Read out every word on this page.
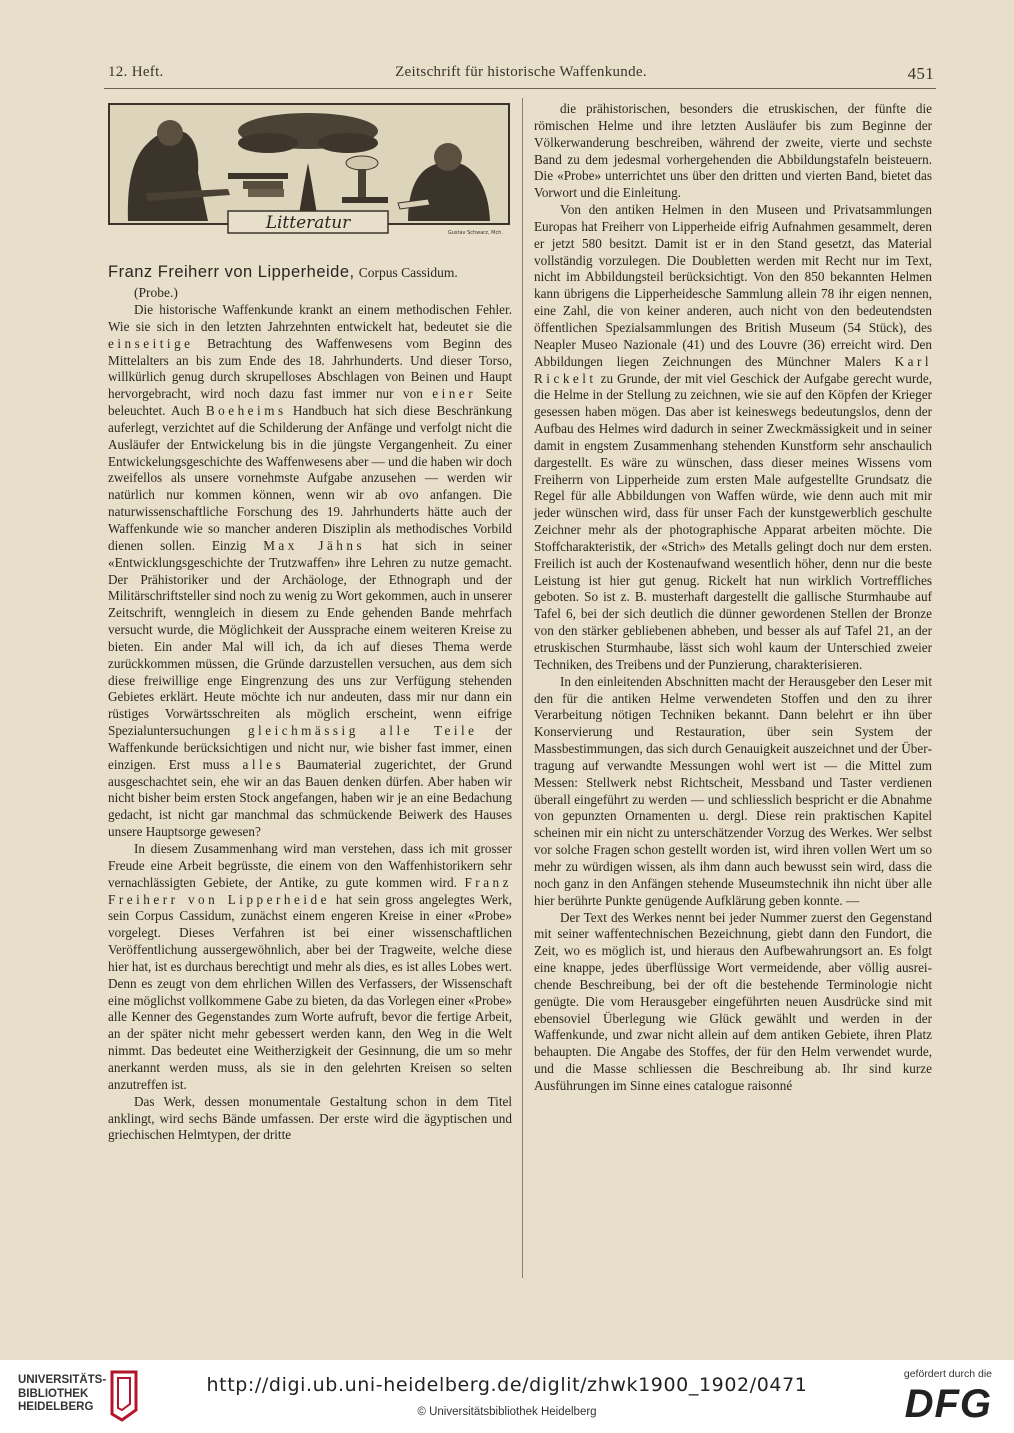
12. Heft.	Zeitschrift für historische Waffenkunde.	451
Litteratur	Gustav Schwarz, Mch.

Franz Freiherr von Lipperheide, Corpus Cassidum.
(Probe.)

Die historische Waffenkunde krankt an einem methodischen Fehler. Wie sie sich in den letzten Jahrzehnten entwickelt hat, bedeutet sie die einseitige Betrachtung des Waffenwesens vom Beginn des Mittelalters an bis zum Ende des 18. Jahrhunderts. Und dieser Torso, willkürlich genug durch skrupelloses Abschlagen von Beinen und Haupt hervorgebracht, wird noch dazu fast immer nur von einer Seite beleuchtet. Auch Boeheims Handbuch hat sich diese Beschränkung auferlegt, verzichtet auf die Schilderung der Anfänge und verfolgt nicht die Ausläufer der Entwickelung bis in die jüngste Vergangenheit. Zu einer Entwickelungsgeschichte des Waffenwesens aber — und die haben wir doch zweifellos als unsere vornehmste Aufgabe anzusehen — werden wir natürlich nur kommen können, wenn wir ab ovo anfangen. Die naturwissenschaftliche Forschung des 19. Jahrhunderts hätte auch der Waffenkunde wie so mancher anderen Disziplin als methodisches Vorbild dienen sollen. Einzig Max Jähns hat sich in seiner «Entwicklungsgeschichte der Trutzwaffen» ihre Lehren zu nutze gemacht. Der Prähistoriker und der Archäologe, der Ethnograph und der Militärschriftsteller sind noch zu wenig zu Wort gekommen, auch in unserer Zeitschrift, wenngleich in diesem zu Ende gehenden Bande mehrfach versucht wurde, die Möglichkeit der Aussprache einem weiteren Kreise zu bieten. Ein ander Mal will ich, da ich auf dieses Thema werde zurückkommen müssen, die Gründe darzustellen versuchen, aus dem sich diese freiwillige enge Eingrenzung des uns zur Verfügung stehenden Gebietes erklärt. Heute möchte ich nur andeuten, dass mir nur dann ein rüstiges Vorwärtsschreiten als möglich erscheint, wenn eifrige Spezialuntersuchungen gleichmässig alle Teile der Waffenkunde berücksichtigen und nicht nur, wie bisher fast immer, einen einzigen. Erst muss alles Baumaterial zugerichtet, der Grund ausgeschachtet sein, ehe wir an das Bauen denken dürfen. Aber haben wir nicht bisher beim ersten Stock angefangen, haben wir je an eine Bedachung gedacht, ist nicht gar manchmal das schmückende Beiwerk des Hauses unsere Hauptsorge gewesen?

In diesem Zusammenhang wird man verstehen, dass ich mit grosser Freude eine Arbeit begrüsste, die einem von den Waffenhistorikern sehr vernachlässigten Gebiete, der Antike, zu gute kommen wird. Franz Freiherr von Lipperheide hat sein gross angelegtes Werk, sein Corpus Cassidum, zunächst einem engeren Kreise in einer «Probe» vorgelegt. Dieses Verfahren ist bei einer wissenschaftlichen Veröffentlichung aussergewöhnlich, aber bei der Tragweite, welche diese hier hat, ist es durchaus berechtigt und mehr als dies, es ist alles Lobes wert. Denn es zeugt von dem ehrlichen Willen des Verfassers, der Wissenschaft eine möglichst vollkommene Gabe zu bieten, da das Vorlegen einer «Probe» alle Kenner des Gegenstandes zum Worte aufruft, bevor die fertige Arbeit, an der später nicht mehr gebessert werden kann, den Weg in die Welt nimmt. Das bedeutet eine Weitherzigkeit der Gesinnung, die um so mehr anerkannt werden muss, als sie in den gelehrten Kreisen so selten anzutreffen ist.

Das Werk, dessen monumentale Gestaltung schon in dem Titel anklingt, wird sechs Bände umfassen. Der erste wird die ägyptischen und griechischen Helmtypen, der dritte

die prähistorischen, besonders die etruskischen, der fünfte die römischen Helme und ihre letzten Ausläufer bis zum Beginne der Völkerwanderung beschreiben, während der zweite, vierte und sechste Band zu dem jedesmal vorhergehenden die Abbildungstafeln beisteuern. Die «Probe» unterrichtet uns über den dritten und vierten Band, bietet das Vorwort und die Einleitung.

Von den antiken Helmen in den Museen und Privatsammlungen Europas hat Freiherr von Lipperheide eifrig Aufnahmen gesammelt, deren er jetzt 580 besitzt. Damit ist er in den Stand gesetzt, das Material vollständig vorzulegen. Die Doubletten werden mit Recht nur im Text, nicht im Abbildungsteil berücksichtigt. Von den 850 bekannten Helmen kann übrigens die Lipperheidesche Sammlung allein 78 ihr eigen nennen, eine Zahl, die von keiner anderen, auch nicht von den bedeutendsten öffentlichen Spezialsammlungen des British Museum (54 Stück), des Neapler Museo Nazionale (41) und des Louvre (36) erreicht wird. Den Abbildungen liegen Zeichnungen des Münchner Malers Karl Rickelt zu Grunde, der mit viel Geschick der Aufgabe gerecht wurde, die Helme in der Stellung zu zeichnen, wie sie auf den Köpfen der Krieger gesessen haben mögen. Das aber ist keineswegs bedeutungslos, denn der Aufbau des Helmes wird dadurch in seiner Zweckmässigkeit und in seiner damit in engstem Zusammenhang stehenden Kunstform sehr anschaulich dargestellt. Es wäre zu wünschen, dass dieser meines Wissens vom Freiherrn von Lipperheide zum ersten Male aufgestellte Grundsatz die Regel für alle Abbildungen von Waffen würde, wie denn auch mit mir jeder wünschen wird, dass für unser Fach der kunstgewerblich geschulte Zeichner mehr als der photographische Apparat arbeiten möchte. Die Stoffcharakteristik, der «Strich» des Metalls gelingt doch nur dem ersten. Freilich ist auch der Kostenaufwand wesentlich höher, denn nur die beste Leistung ist hier gut genug. Rickelt hat nun wirklich Vortreffliches geboten. So ist z. B. musterhaft dargestellt die gallische Sturmhaube auf Tafel 6, bei der sich deutlich die dünner gewordenen Stellen der Bronze von den stärker gebliebenen abheben, und besser als auf Tafel 21, an der etruskischen Sturmhaube, lässt sich wohl kaum der Unterschied zweier Techniken, des Treibens und der Punzierung, charakterisieren.

In den einleitenden Abschnitten macht der Herausgeber den Leser mit den für die antiken Helme verwendeten Stoffen und den zu ihrer Verarbeitung nötigen Techniken bekannt. Dann belehrt er ihn über Konservierung und Restauration, über sein System der Massbestimmungen, das sich durch Genauigkeit auszeichnet und der Übertragung auf verwandte Messungen wohl wert ist — die Mittel zum Messen: Stellwerk nebst Richtscheit, Messband und Taster verdienen überall eingeführt zu werden — und schliesslich bespricht er die Abnahme von gepunzten Ornamenten u. dergl. Diese rein praktischen Kapitel scheinen mir ein nicht zu unterschätzender Vorzug des Werkes. Wer selbst vor solche Fragen schon gestellt worden ist, wird ihren vollen Wert um so mehr zu würdigen wissen, als ihm dann auch bewusst sein wird, dass die noch ganz in den Anfängen stehende Museumstechnik ihn nicht über alle hier berührte Punkte genügende Aufklärung geben konnte. —

Der Text des Werkes nennt bei jeder Nummer zuerst den Gegenstand mit seiner waffentechnischen Bezeichnung, giebt dann den Fundort, die Zeit, wo es möglich ist, und hieraus den Aufbewahrungsort an. Es folgt eine knappe, jedes überflüssige Wort vermeidende, aber völlig ausreichende Beschreibung, bei der oft die bestehende Terminologie nicht genügte. Die vom Herausgeber eingeführten neuen Ausdrücke sind mit ebensoviel Überlegung wie Glück gewählt und werden in der Waffenkunde, und zwar nicht allein auf dem antiken Gebiete, ihren Platz behaupten. Die Angabe des Stoffes, der für den Helm verwendet wurde, und die Masse schliessen die Beschreibung ab. Ihr sind kurze Ausführungen im Sinne eines catalogue raisonné

UNIVERSITÄTS-
BIBLIOTHEK
HEIDELBERG
http://digi.ub.uni-heidelberg.de/diglit/zhwk1900_1902/0471
© Universitätsbibliothek Heidelberg
gefördert durch die
DFG
